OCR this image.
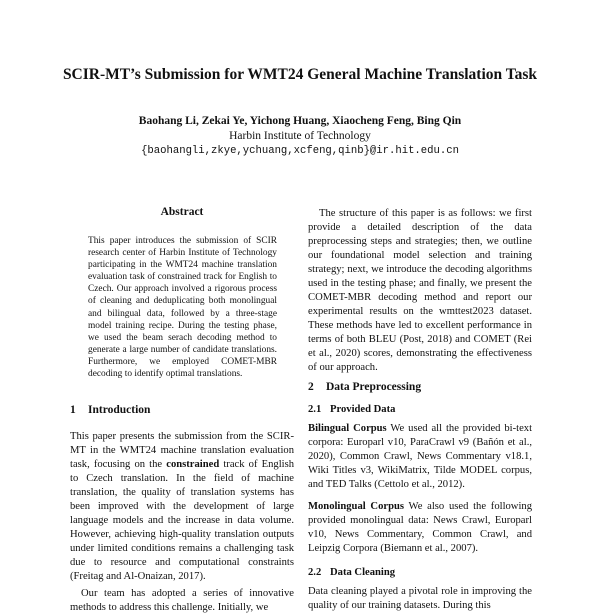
SCIR-MT’s Submission for WMT24 General Machine Translation Task
Baohang Li, Zekai Ye, Yichong Huang, Xiaocheng Feng, Bing Qin
Harbin Institute of Technology
{baohangli,zkye,ychuang,xcfeng,qinb}@ir.hit.edu.cn
Abstract
This paper introduces the submission of SCIR research center of Harbin Institute of Technology participating in the WMT24 machine translation evaluation task of constrained track for English to Czech. Our approach involved a rigorous process of cleaning and deduplicating both monolingual and bilingual data, followed by a three-stage model training recipe. During the testing phase, we used the beam serach decoding method to generate a large number of candidate translations. Furthermore, we employed COMET-MBR decoding to identify optimal translations.
1 Introduction

This paper presents the submission from the SCIR-MT in the WMT24 machine translation evaluation task, focusing on the constrained track of English to Czech translation. In the field of machine translation, the quality of translation systems has been improved with the development of large language models and the increase in data volume. However, achieving high-quality translation outputs under limited conditions remains a challenging task due to resource and computational constraints (Freitag and Al-Onaizan, 2017).

Our team has adopted a series of innovative methods to address this challenge. Initially, we

The structure of this paper is as follows: we first provide a detailed description of the data preprocessing steps and strategies; then, we outline our foundational model selection and training strategy; next, we introduce the decoding algorithms used in the testing phase; and finally, we present the COMET-MBR decoding method and report our experimental results on the wmttest2023 dataset. These methods have led to excellent performance in terms of both BLEU (Post, 2018) and COMET (Rei et al., 2020) scores, demonstrating the effectiveness of our approach.

2 Data Preprocessing
2.1 Provided Data

Bilingual Corpus We used all the provided bi-text corpora: Europarl v10, ParaCrawl v9 (Bañón et al., 2020), Common Crawl, News Commentary v18.1, Wiki Titles v3, WikiMatrix, Tilde MODEL corpus, and TED Talks (Cettolo et al., 2012).

Monolingual Corpus We also used the following provided monolingual data: News Crawl, Europarl v10, News Commentary, Common Crawl, and Leipzig Corpora (Biemann et al., 2007).

2.2 Data Cleaning

Data cleaning played a pivotal role in improving the quality of our training datasets. During this
